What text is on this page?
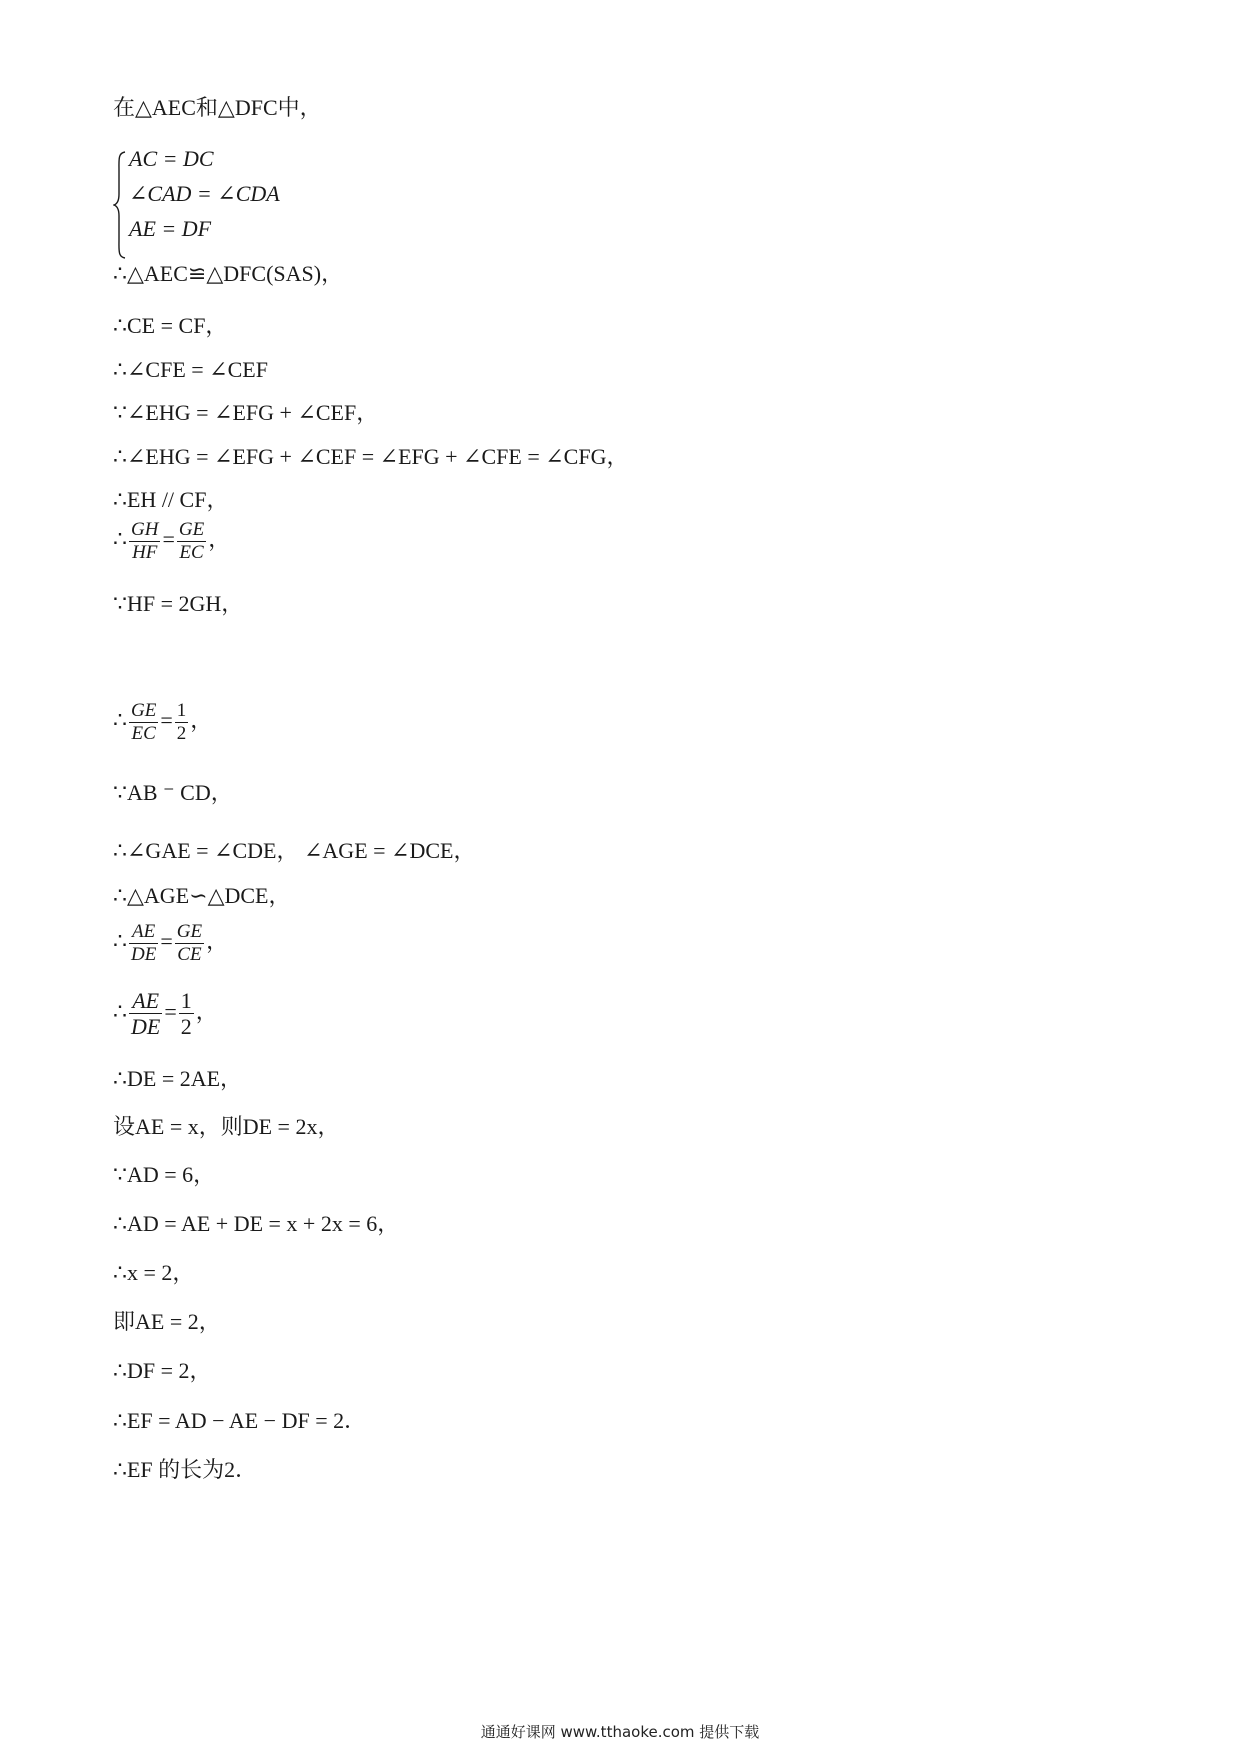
在△AEC和△DFC中，
AC = DC
∠CAD = ∠CDA
AE = DF
∴△AEC≌△DFC(SAS)，
∴CE = CF，
∴∠CFE = ∠CEF
∵∠EHG = ∠EFG + ∠CEF，
∴∠EHG = ∠EFG + ∠CEF = ∠EFG + ∠CFE = ∠CFG，
∴EH // CF，
∴ $\frac{GH}{HF} = \frac{GE}{EC}$ ，
∵HF = 2GH，
∴ $\frac{GE}{EC} = \frac{1}{2}$ ，
∵AB ⁻ CD，
∴∠GAE = ∠CDE， ∠AGE = ∠DCE，
∴△AGE∽△DCE，
∴ $\frac{AE}{DE} = \frac{GE}{CE}$ ，
∴ $\frac{AE}{DE} = \frac{1}{2}$ ，
∴DE = 2AE，
设AE = x，则DE = 2x，
∵AD = 6，
∴AD = AE + DE = x + 2x = 6，
∴x = 2，
即AE = 2，
∴DF = 2，
∴EF = AD − AE − DF = 2．
∴EF 的长为2．
通通好课网 www.tthaoke.com 提供下载
